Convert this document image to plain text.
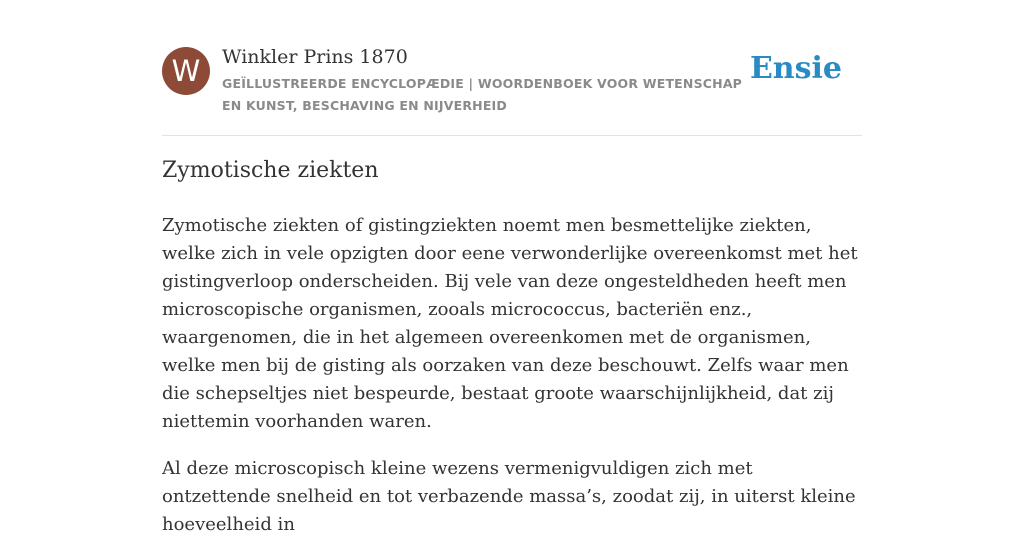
W	Winkler Prins 1870
GEÏLLUSTREERDE ENCYCLOPÆDIE | WOORDENBOEK VOOR WETENSCHAP EN KUNST, BESCHAVING EN NIJVERHEID
Ensie
Zymotische ziekten

Zymotische ziekten of gistingziekten noemt men besmettelijke ziekten, welke zich in vele opzigten door eene verwonderlijke overeenkomst met het gistingverloop onderscheiden. Bij vele van deze ongesteldheden heeft men microscopische organismen, zooals micrococcus, bacteriën enz., waargenomen, die in het algemeen overeenkomen met de organismen, welke men bij de gisting als oorzaken van deze beschouwt. Zelfs waar men die schepseltjes niet bespeurde, bestaat groote waarschijnlijkheid, dat zij niettemin voorhanden waren.

Al deze microscopisch kleine wezens vermenigvuldigen zich met ontzettende snelheid en tot verbazende massa’s, zoodat zij, in uiterst kleine hoeveelheid in
